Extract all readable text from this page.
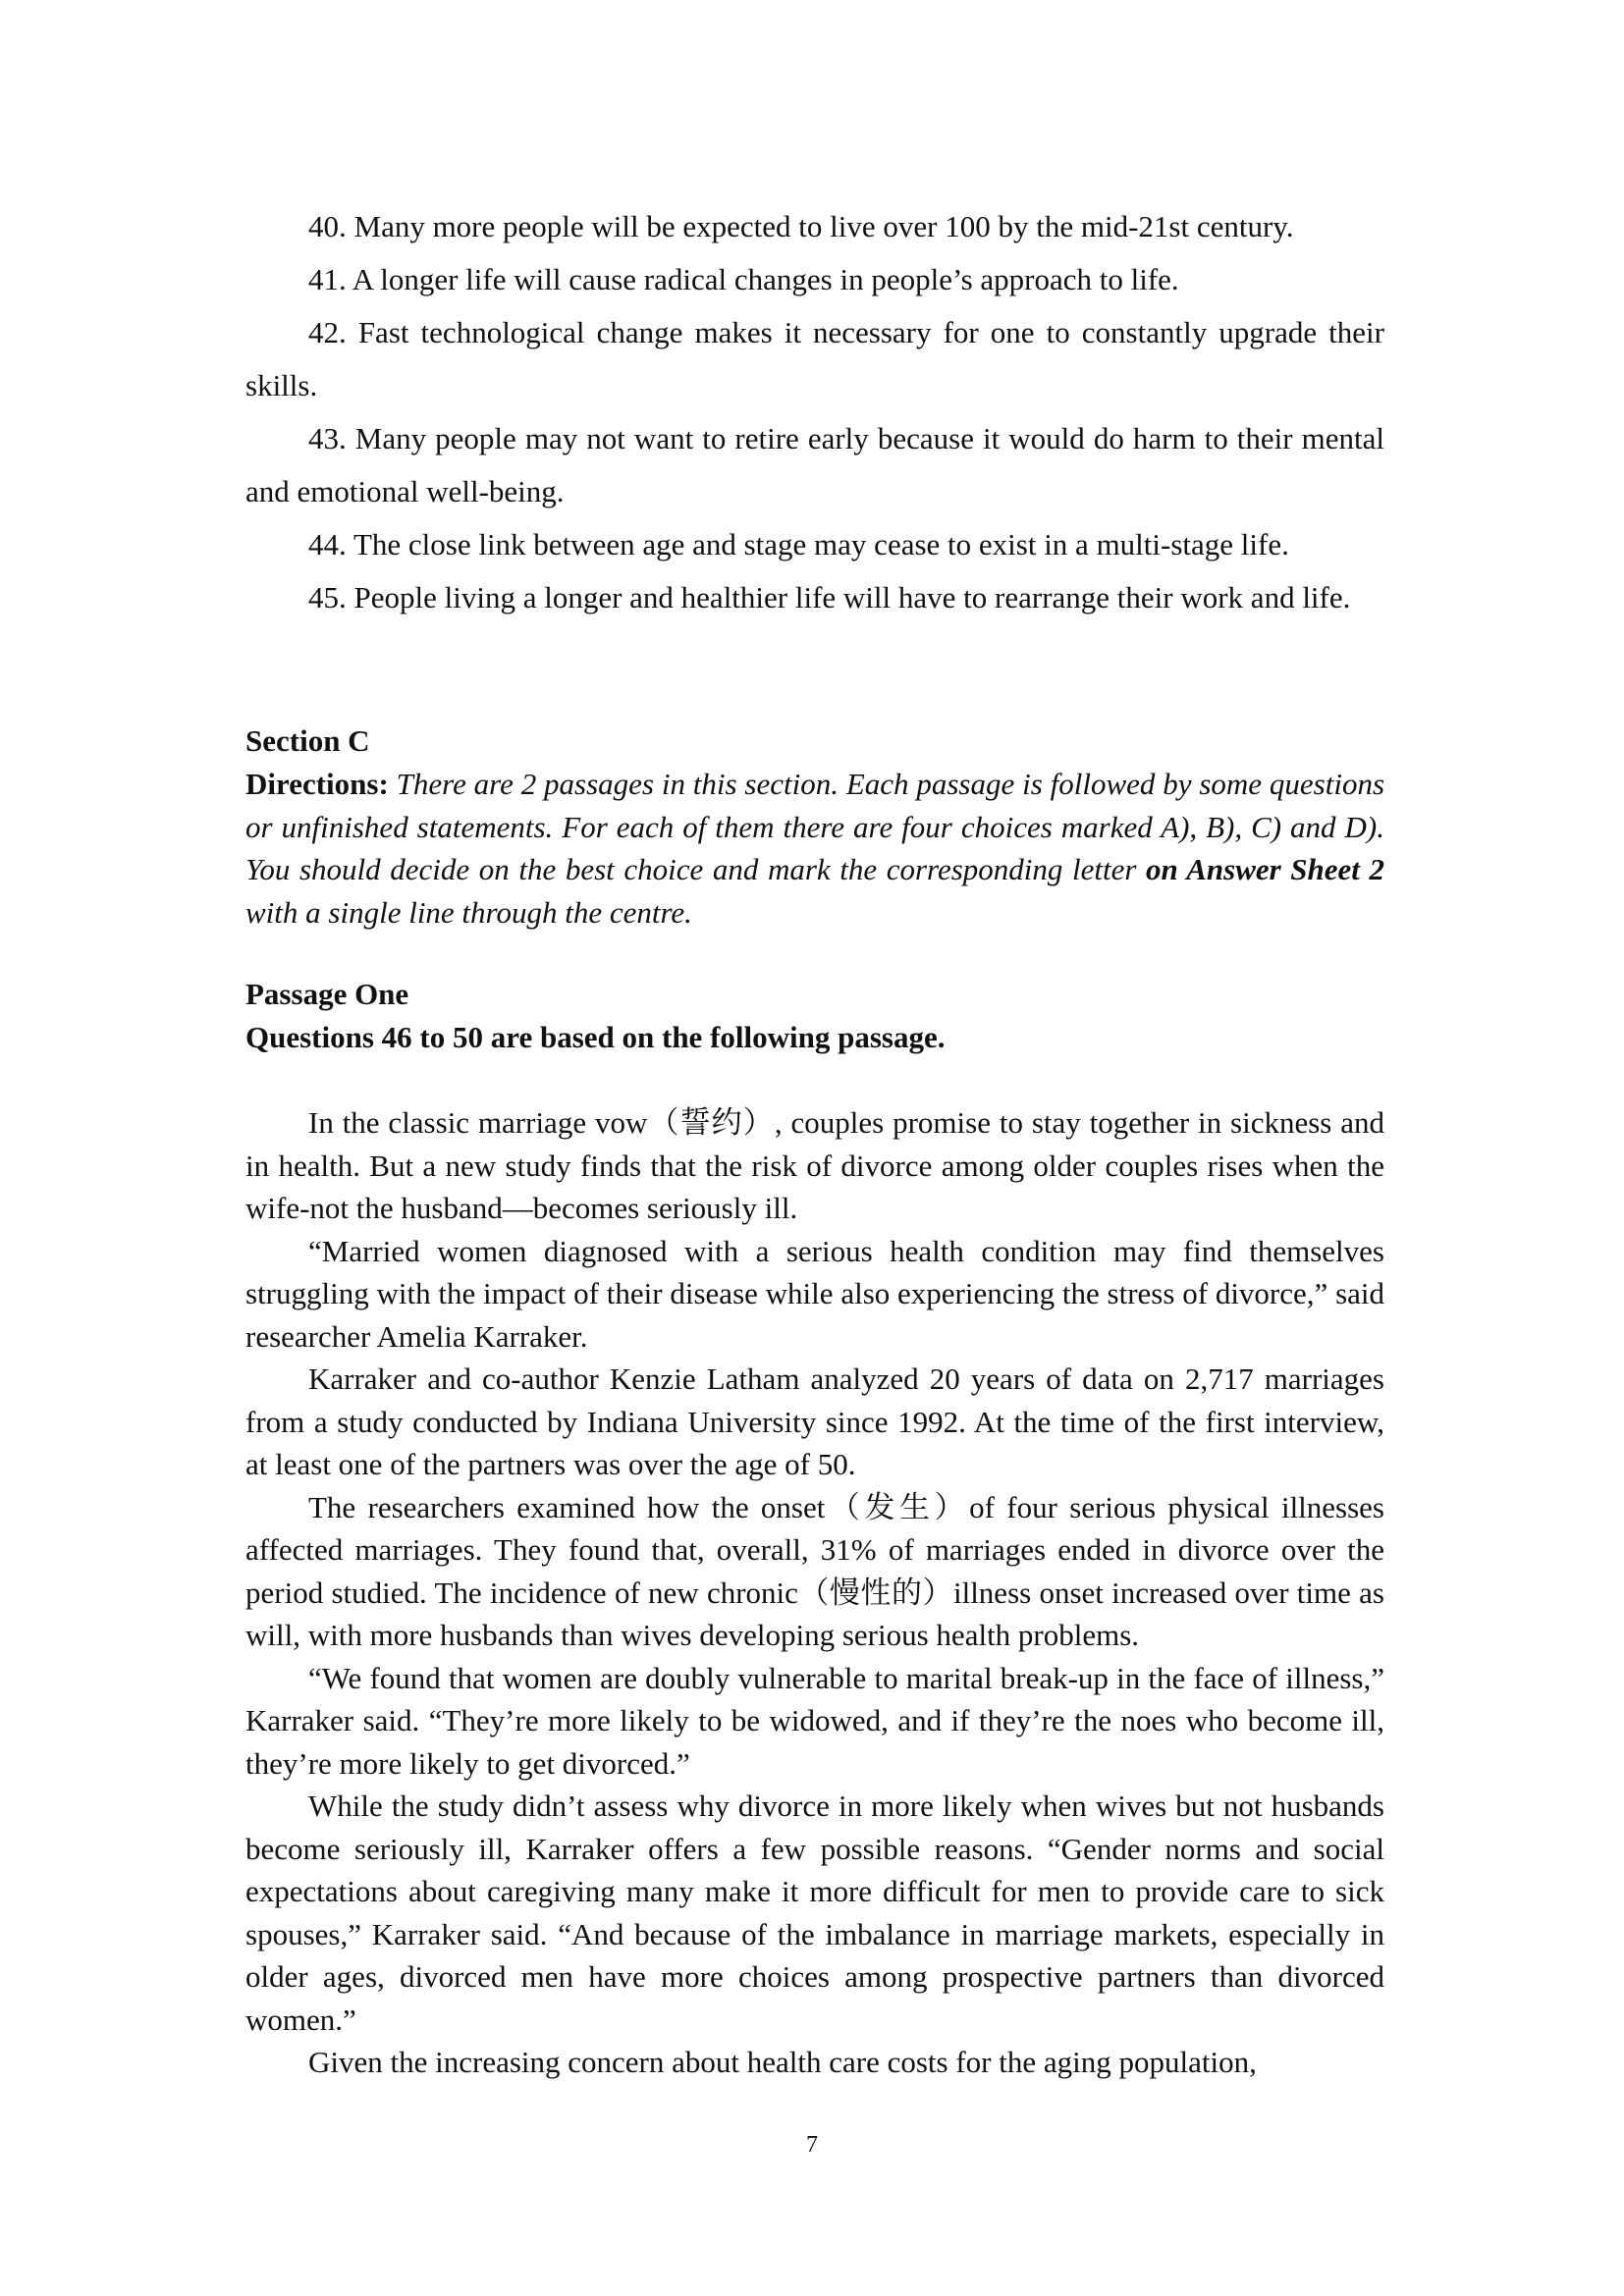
40. Many more people will be expected to live over 100 by the mid-21st century.

41. A longer life will cause radical changes in people’s approach to life.

42. Fast technological change makes it necessary for one to constantly upgrade their skills.

43. Many people may not want to retire early because it would do harm to their mental and emotional well-being.

44. The close link between age and stage may cease to exist in a multi-stage life.

45. People living a longer and healthier life will have to rearrange their work and life.

Section C

Directions: There are 2 passages in this section. Each passage is followed by some questions or unfinished statements. For each of them there are four choices marked A), B), C) and D). You should decide on the best choice and mark the corresponding letter on Answer Sheet 2 with a single line through the centre.

Passage One

Questions 46 to 50 are based on the following passage.

In the classic marriage vow（誓约）, couples promise to stay together in sickness and in health. But a new study finds that the risk of divorce among older couples rises when the wife-not the husband—becomes seriously ill.

“Married women diagnosed with a serious health condition may find themselves struggling with the impact of their disease while also experiencing the stress of divorce,” said researcher Amelia Karraker.

Karraker and co-author Kenzie Latham analyzed 20 years of data on 2,717 marriages from a study conducted by Indiana University since 1992. At the time of the first interview, at least one of the partners was over the age of 50.

The researchers examined how the onset（发生）of four serious physical illnesses affected marriages. They found that, overall, 31% of marriages ended in divorce over the period studied. The incidence of new chronic（慢性的）illness onset increased over time as will, with more husbands than wives developing serious health problems.

“We found that women are doubly vulnerable to marital break-up in the face of illness,” Karraker said. “They’re more likely to be widowed, and if they’re the noes who become ill, they’re more likely to get divorced.”

While the study didn’t assess why divorce in more likely when wives but not husbands become seriously ill, Karraker offers a few possible reasons. “Gender norms and social expectations about caregiving many make it more difficult for men to provide care to sick spouses,” Karraker said. “And because of the imbalance in marriage markets, especially in older ages, divorced men have more choices among prospective partners than divorced women.”

Given the increasing concern about health care costs for the aging population,

7
